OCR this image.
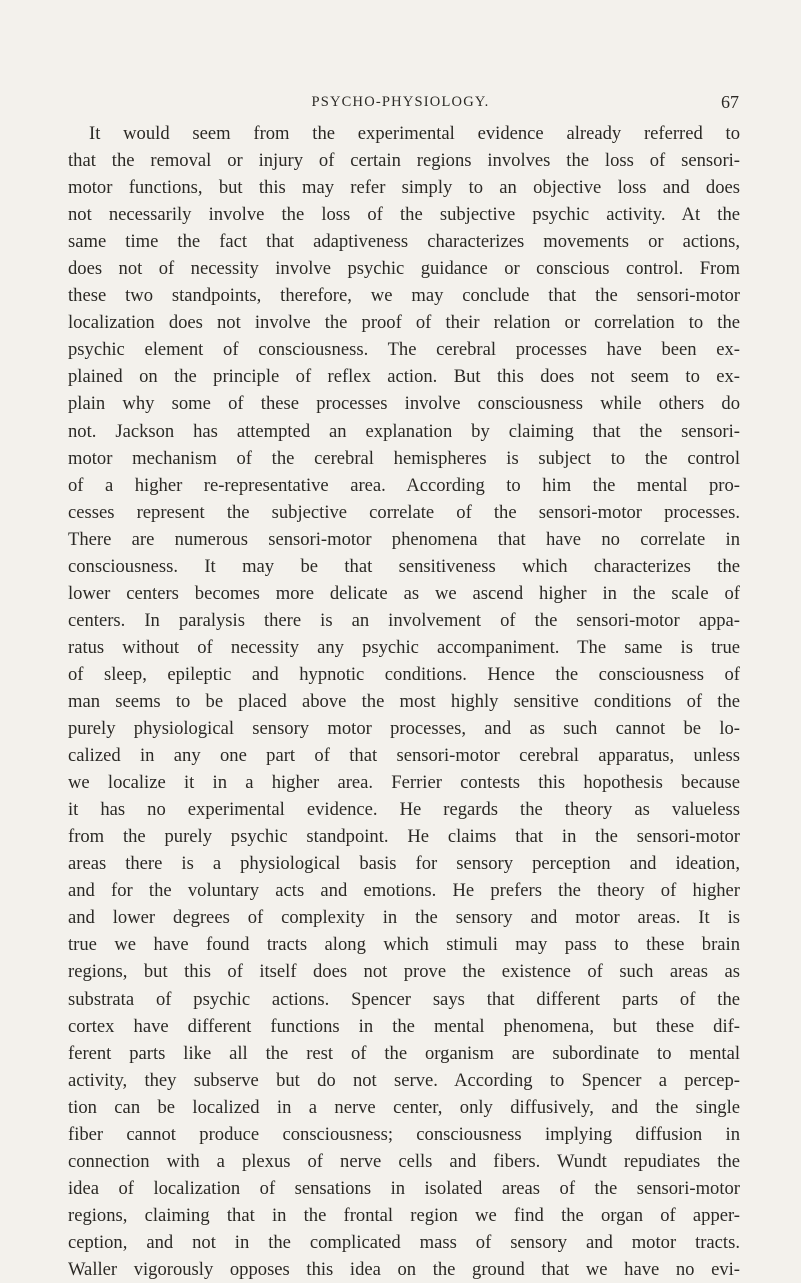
PSYCHO-PHYSIOLOGY.	67
It would seem from the experimental evidence already referred to
that the removal or injury of certain regions involves the loss of sensori-
motor functions, but this may refer simply to an objective loss and does
not necessarily involve the loss of the subjective psychic activity. At the
same time the fact that adaptiveness characterizes movements or actions,
does not of necessity involve psychic guidance or conscious control. From
these two standpoints, therefore, we may conclude that the sensori-motor
localization does not involve the proof of their relation or correlation to the
psychic element of consciousness. The cerebral processes have been ex-
plained on the principle of reflex action. But this does not seem to ex-
plain why some of these processes involve consciousness while others do
not. Jackson has attempted an explanation by claiming that the sensori-
motor mechanism of the cerebral hemispheres is subject to the control
of a higher re-representative area. According to him the mental pro-
cesses represent the subjective correlate of the sensori-motor processes.
There are numerous sensori-motor phenomena that have no correlate in
consciousness. It may be that sensitiveness which characterizes the
lower centers becomes more delicate as we ascend higher in the scale of
centers. In paralysis there is an involvement of the sensori-motor appa-
ratus without of necessity any psychic accompaniment. The same is true
of sleep, epileptic and hypnotic conditions. Hence the consciousness of
man seems to be placed above the most highly sensitive conditions of the
purely physiological sensory motor processes, and as such cannot be lo-
calized in any one part of that sensori-motor cerebral apparatus, unless
we localize it in a higher area. Ferrier contests this hopothesis because
it has no experimental evidence. He regards the theory as valueless
from the purely psychic standpoint. He claims that in the sensori-motor
areas there is a physiological basis for sensory perception and ideation,
and for the voluntary acts and emotions. He prefers the theory of higher
and lower degrees of complexity in the sensory and motor areas. It is
true we have found tracts along which stimuli may pass to these brain
regions, but this of itself does not prove the existence of such areas as
substrata of psychic actions. Spencer says that different parts of the
cortex have different functions in the mental phenomena, but these dif-
ferent parts like all the rest of the organism are subordinate to mental
activity, they subserve but do not serve. According to Spencer a percep-
tion can be localized in a nerve center, only diffusively, and the single
fiber cannot produce consciousness; consciousness implying diffusion in
connection with a plexus of nerve cells and fibers. Wundt repudiates the
idea of localization of sensations in isolated areas of the sensori-motor
regions, claiming that in the frontal region we find the organ of apper-
ception, and not in the complicated mass of sensory and motor tracts.
Waller vigorously opposes this idea on the ground that we have no evi-
